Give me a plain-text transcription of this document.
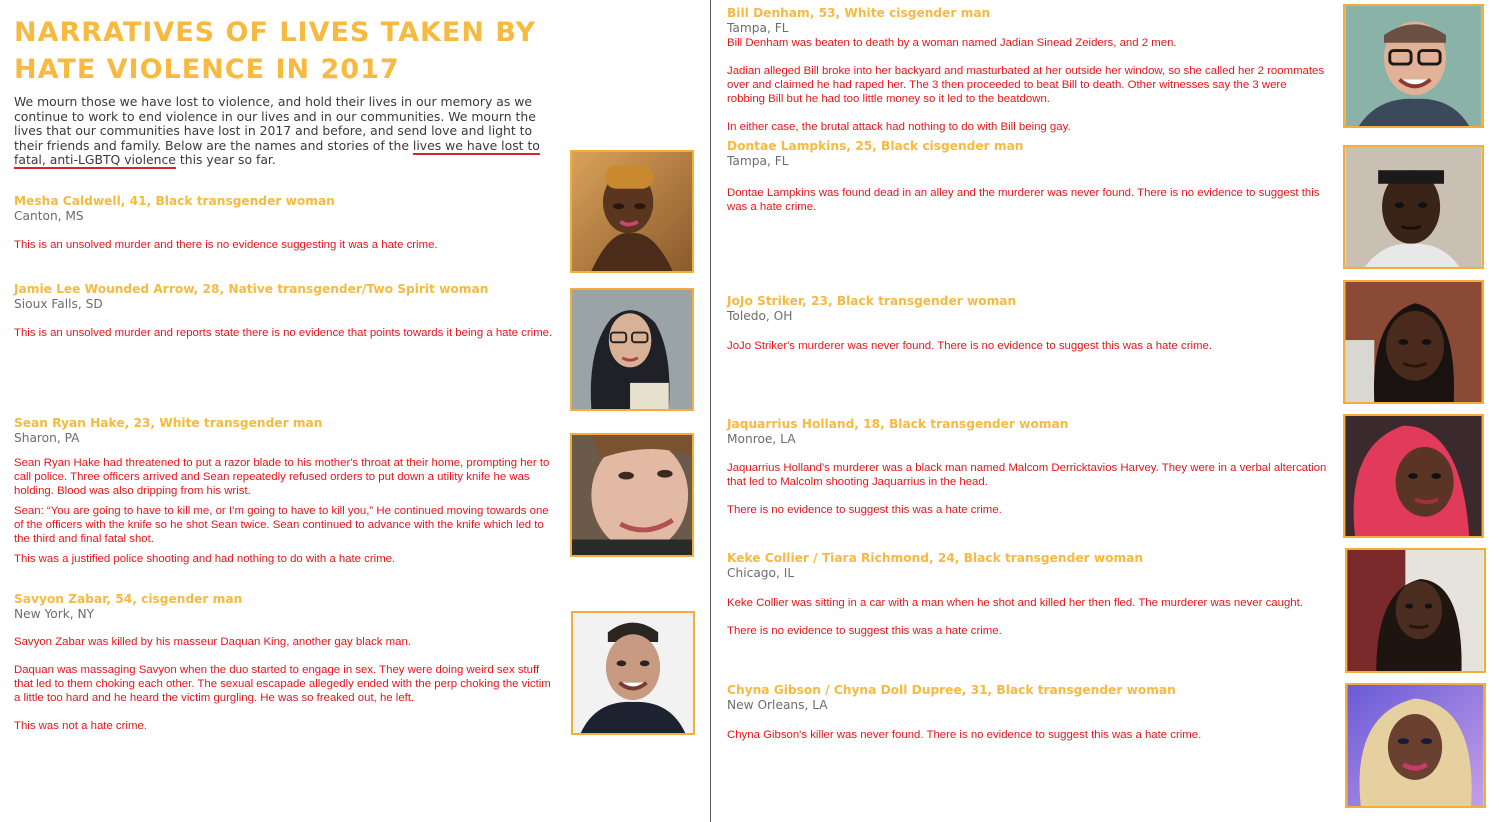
NARRATIVES OF LIVES TAKEN BY
HATE VIOLENCE IN 2017
We mourn those we have lost to violence, and hold their lives in our memory as we continue to work to end violence in our lives and in our communities. We mourn the lives that our communities have lost in 2017 and before, and send love and light to their friends and family. Below are the names and stories of the lives we have lost to fatal, anti-LGBTQ violence this year so far.
Mesha Caldwell, 41, Black transgender woman
Canton, MS
This is an unsolved murder and there is no evidence suggesting it was a hate crime.
Jamie Lee Wounded Arrow, 28, Native transgender/Two Spirit woman
Sioux Falls, SD
This is an unsolved murder and reports state there is no evidence that points towards it being a hate crime.
Sean Ryan Hake, 23, White transgender man
Sharon, PA
Sean Ryan Hake had threatened to put a razor blade to his mother's throat at their home, prompting her to call police. Three officers arrived and Sean repeatedly refused orders to put down a utility knife he was holding. Blood was also dripping from his wrist.
Sean: “You are going to have to kill me, or I’m going to have to kill you,” He continued moving towards one of the officers with the knife so he shot Sean twice. Sean continued to advance with the knife which led to the third and final fatal shot.
This was a justified police shooting and had nothing to do with a hate crime.
Savyon Zabar, 54, cisgender man
New York, NY
Savyon Zabar was killed by his masseur Daquan King, another gay black man.
Daquan was massaging Savyon when the duo started to engage in sex. They were doing weird sex stuff that led to them choking each other. The sexual escapade allegedly ended with the perp choking the victim a little too hard and he heard the victim gurgling. He was so freaked out, he left.
This was not a hate crime.
Bill Denham, 53, White cisgender man
Tampa, FL
Bill Denham was beaten to death by a woman named Jadian Sinead Zeiders, and 2 men.
Jadian alleged Bill broke into her backyard and masturbated at her outside her window, so she called her 2 roommates over and claimed he had raped her. The 3 then proceeded to beat Bill to death. Other witnesses say the 3 were robbing Bill but he had too little money so it led to the beatdown.
In either case, the brutal attack had nothing to do with Bill being gay.
Dontae Lampkins, 25, Black cisgender man
Tampa, FL
Dontae Lampkins was found dead in an alley and the murderer was never found. There is no evidence to suggest this was a hate crime.
JoJo Striker, 23, Black transgender woman
Toledo, OH
JoJo Striker's murderer was never found. There is no evidence to suggest this was a hate crime.
Jaquarrius Holland, 18, Black transgender woman
Monroe, LA
Jaquarrius Holland's murderer was a black man named Malcom Derricktavios Harvey. They were in a verbal altercation that led to Malcolm shooting Jaquarrius in the head.
There is no evidence to suggest this was a hate crime.
Keke Collier / Tiara Richmond, 24, Black transgender woman
Chicago, IL
Keke Collier was sitting in a car with a man when he shot and killed her then fled. The murderer was never caught.
There is no evidence to suggest this was a hate crime.
Chyna Gibson / Chyna Doll Dupree, 31, Black transgender woman
New Orleans, LA
Chyna Gibson's killer was never found. There is no evidence to suggest this was a hate crime.
